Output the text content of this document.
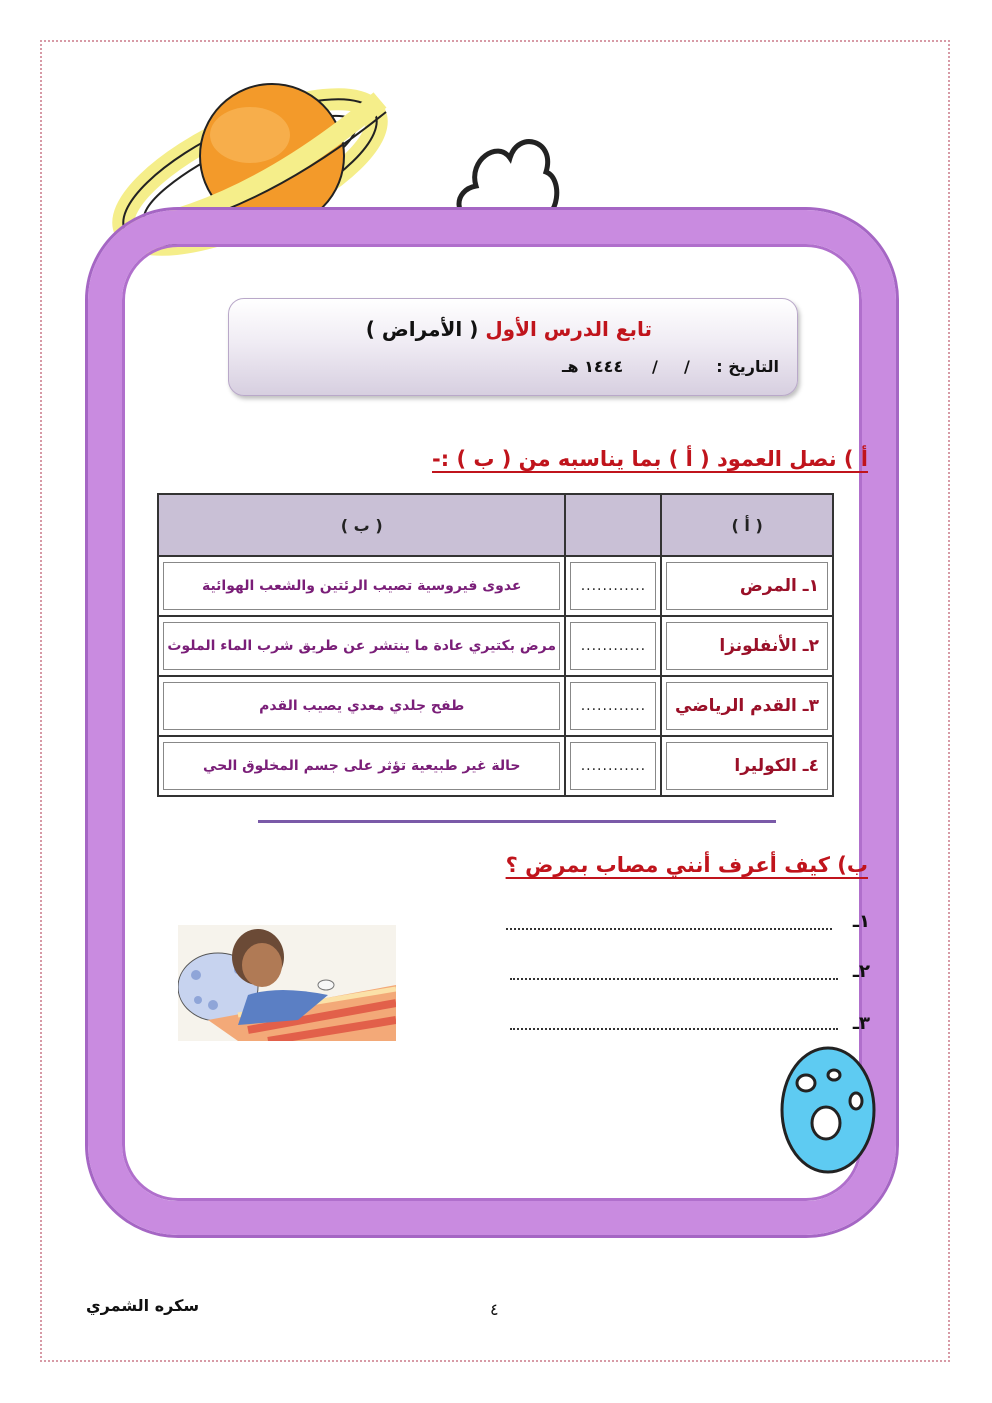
تابع الدرس الأول ( الأمراض )
التاريخ :
/
/
١٤٤٤ هـ
أ ) نصل العمود ( أ ) بما يناسبه من ( ب ) :-
( أ )		( ب )

١ـ المرض	............	عدوى فيروسية تصيب الرئتين والشعب الهوائية

٢ـ الأنفلونزا	............	مرض بكتيري عادة ما ينتشر عن طريق شرب الماء الملوث

٣ـ القدم الرياضي	............	طفح جلدي معدي يصيب القدم

٤ـ الكوليرا	............	حالة غير طبيعية تؤثر على جسم المخلوق الحي
ب) كيف أعرف أنني مصاب بمرض ؟
١ـ
٢ـ
٣ـ
سكره الشمري	٤
